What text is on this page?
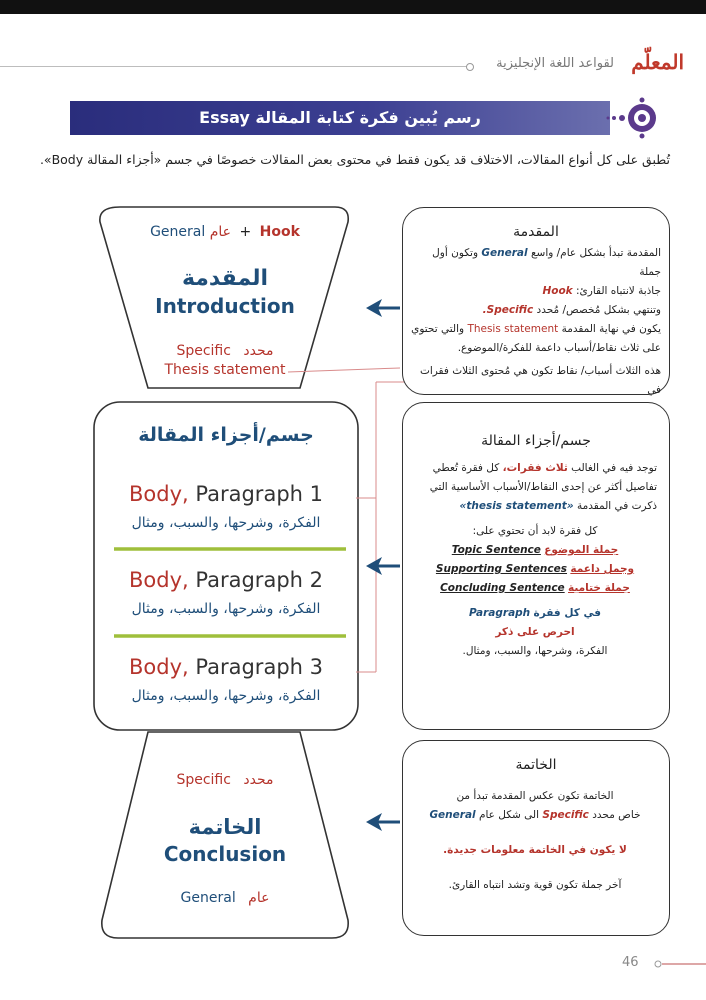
لقواعد اللغة الإنجليزية المعلّم
رسم يُبين فكرة كتابة المقالة Essay
تُطبق على كل أنواع المقالات، الاختلاف قد يكون فقط في محتوى بعض المقالات خصوصًا في جسم «أجزاء المقالة Body».
General عام + Hook
المقدمة
Introduction
Specific محدد
Thesis statement
جسم/أجزاء المقالة
Body, Paragraph 1
الفكرة، وشرحها، والسبب، ومثال
Body, Paragraph 2
الفكرة، وشرحها، والسبب، ومثال
Body, Paragraph 3
الفكرة، وشرحها، والسبب، ومثال
Specific محدد
الخاتمة
Conclusion
General عام
المقدمة
المقدمة تبدأ بشكل عام/ واسع General وتكون أول جملة
جاذبة لانتباه القارئ: Hook
وتنتهي بشكل مُخصص/ مُحدد Specific.
يكون في نهاية المقدمة Thesis statement والتي تحتوي
على ثلاث نقاط/أسباب داعمة للفكرة/الموضوع.
هذه الثلاث أسباب/ نقاط تكون هي مُحتوى الثلاث فقرات في
جسم/أجزاء المقالة
توجد فيه في الغالب ثلاث فقرات، كل فقرة تُعطي
تفاصيل أكثر عن إحدى النقاط/الأسباب الأساسية التي
ذكرت في المقدمة «thesis statement»
كل فقرة لابد أن تحتوي على:
جملة الموضوع Topic Sentence
وجمل داعمة Supporting Sentences
جملة ختامية Concluding Sentence
في كل فقرة Paragraph
احرص على ذكر
الفكرة، وشرحها، والسبب، ومثال.
الخاتمة
الخاتمة تكون عكس المقدمة تبدأ من
خاص محدد Specific الى شكل عام General
لا يكون في الخاتمة معلومات جديدة.
آخر جملة تكون قوية وتشد انتباه القارئ.
46
